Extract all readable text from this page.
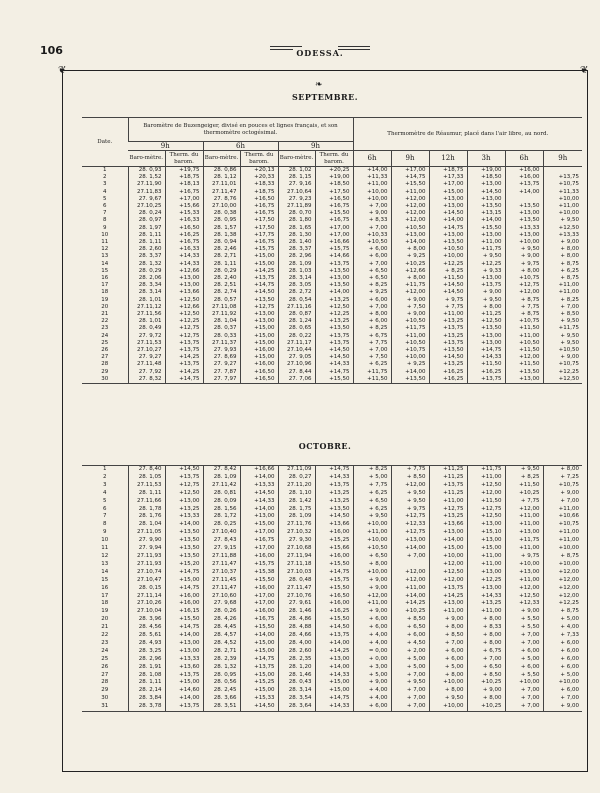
106	ODESSA.
❦	❦
❧
SEPTEMBRE.
Date.	Baromètre de Buzengeiger, divisé en pouces et lignes français, et son thermomètre octogésimal.						Thermomètre de Réaumur, placé dans l'air libre, au nord.					
	9h		6h		9h							
	Baro-mètre.	Therm. du barom.	Baro-mètre.	Therm. du barom.	Baro-mètre.	Therm. du barom.	6h	9h	12h	3h	6h	9h
1	28. 0,93	+19,75	28. 0,86	+20,13	28. 1,02	+20,25	+14,00	+17,00	+18,75	+19,00	+16,00	
2	28. 1,52	+18,75	28. 1,12	+20,33	28. 1,15	+19,00	+11,33	+14,75	+17,33	+18,50	+16,00	+13,75
3	27.11,90	+18,13	27.11,01	+18,33	27. 9,16	+18,50	+11,00	+15,50	+17,00	+13,00	+13,75	+10,75
4	27.11,83	+16,75	27.11,47	+18,75	27.10,64	+17,50	+10,00	+11,00	+15,00	+14,50	+14,00	+11,33
5	27. 9,67	+17,00	27. 8,76	+16,50	27. 9,23	+16,50	+10,00	+12,00	+13,00	+13,00		+10,00
6	27.10,25	+15,66	27.10,00	+16,75	27.11,89	+16,75	+ 7,00	+12,00	+13,00	+13,50	+13,50	+11,00
7	28. 0,24	+15,33	28. 0,38	+16,75	28. 0,70	+15,50	+ 9,00	+12,00	+14,50	+13,15	+13,00	+10,00
8	28. 0,97	+16,33	28. 0,95	+17,50	28. 1,80	+16,75	+ 8,33	+12,00	+14,00	+14,00	+13,50	+ 9,50
9	28. 1,97	+16,50	28. 1,57	+17,50	28. 1,65	+17,00	+ 7,00	+10,50	+14,75	+15,50	+13,33	+12,50
10	28. 1,11	+16,25	28. 1,38	+17,75	28. 1,30	+17,00	+10,33	+13,00	+13,00	+13,00	+13,00	+13,33
11	28. 1,11	+16,75	28. 0,94	+16,75	28. 1,40	+16,66	+10,50	+14,00	+13,50	+11,00	+10,00	+ 9,00
12	28. 2,60	+16,33	28. 2,46	+15,75	28. 3,37	+15,75	+ 6,00	+ 8,00	+10,50	+11,75	+ 9,50	+ 8,00
13	28. 3,37	+14,33	28. 2,71	+15,00	28. 2,96	+14,66	+ 6,00	+ 9,25	+10,00	+ 9,50	+ 9,00	+ 8,00
14	28. 1,32	+14,33	28. 1,11	+15,00	28. 1,09	+13,75	+ 7,00	+10,25	+12,25	+12,25	+ 9,75	+ 8,75
15	28. 0,29	+12,66	28. 0,29	+14,25	28. 1,03	+13,50	+ 6,50	+12,66	+ 8,25	+ 9,33	+ 8,00	+ 6,25
16	28. 2,06	+13,00	28. 2,40	+13,75	28. 3,14	+13,00	+ 6,50	+ 8,00	+11,50	+13,00	+10,75	+ 8,75
17	28. 3,34	+13,00	28. 2,51	+14,75	28. 3,05	+13,50	+ 8,25	+11,75	+14,50	+13,75	+12,75	+11,00
18	28. 3,14	+13,66	28. 2,74	+14,50	28. 2,72	+14,00	+ 9,25	+12,00	+14,50	+ 9,00	+12,00	+11,00
19	28. 1,01	+12,50	28. 0,57	+13,50	28. 0,54	+13,25	+ 6,00	+ 9,00	+ 9,75	+ 9,50	+ 8,75	+ 8,25
20	27.11,12	+12,66	27.11,08	+12,75	27.11,16	+12,50	+ 7,00	+ 7,50	+ 7,75	+ 8,00	+ 7,75	+ 7,00
21	27.11,56	+12,50	27.11,92	+13,00	28. 0,87	+12,25	+ 8,00	+ 9,00	+11,00	+11,25	+ 8,75	+ 8,50
22	28. 1,01	+12,25	28. 1,04	+13,00	28. 1,24	+13,25	+ 6,00	+10,50	+13,25	+12,50	+10,75	+ 9,50
23	28. 0,49	+12,75	28. 0,37	+15,00	28. 0,65	+13,50	+ 8,25	+11,75	+13,75	+13,50	+11,50	+11,75
24	27. 9,72	+12,75	28. 0,33	+15,00	28. 0,22	+13,75	+ 6,75	+11,00	+13,25	+13,00	+11,00	+ 9,50
25	27.11,53	+13,75	27.11,37	+15,00	27.11,17	+13,75	+ 7,75	+10,50	+13,75	+13,00	+10,50	+ 9,50
26	27.10,27	+13,75	27. 9,93	+16,00	27.10,44	+14,50	+ 7,00	+10,75	+13,50	+14,75	+11,50	+10,50
27	27. 9,27	+14,25	27. 8,69	+15,00	27. 9,05	+14,50	+ 7,50	+10,00	+14,50	+14,33	+12,00	+ 9,00
28	27.11,48	+13,75	27. 9,27	+16,00	27.10,96	+14,33	+ 6,25	+ 9,25	+13,25	+11,50	+11,50	+10,75
29	27. 7,92	+14,25	27. 7,87	+16,50	27. 8,44	+14,75	+11,75	+14,00	+16,25	+16,25	+13,50	+12,25
30	27. 8,32	+14,75	27. 7,97	+16,50	27. 7,06	+15,50	+11,50	+13,50	+16,25	+13,75	+13,00	+12,50
OCTOBRE.
1	27. 8,40	+14,50	27. 8,42	+16,66	27.11,09	+14,75	+ 8,25	+ 7,75	+11,25	+11,75	+ 9,50	+ 8,00
2	28. 1,05	+13,75	28. 1,09	+14,00	28. 0,27	+14,33	+ 5,00	+ 8,50	+11,25	+11,00	+ 8,25	+ 7,25
3	27.11,53	+12,75	27.11,42	+13,33	27.11,20	+13,75	+ 7,75	+12,00	+13,75	+12,50	+11,50	+10,75
4	28. 1,11	+12,50	28. 0,81	+14,50	28. 1,10	+13,25	+ 6,25	+ 9,50	+11,25	+12,00	+10,25	+ 9,00
5	27.11,66	+13,00	28. 0,09	+14,33	28. 1,42	+13,25	+ 6,50	+ 9,50	+11,00	+11,50	+ 7,75	+ 7,00
6	28. 1,78	+13,25	28. 1,56	+14,00	28. 1,75	+13,50	+ 6,25	+ 9,75	+12,75	+12,75	+12,00	+11,00
7	28. 1,76	+13,33	28. 1,72	+13,00	28. 1,09	+14,50	+ 9,50	+12,75	+13,25	+12,50	+11,00	+10,66
8	28. 1,04	+14,00	28. 0,25	+15,00	27.11,76	+13,66	+10,00	+12,33	+13,66	+13,00	+11,00	+10,75
9	27.11,05	+13,50	27.10,40	+17,00	27.10,32	+16,00	+11,00	+12,75	+13,00	+15,10	+13,00	+11,00
10	27. 9,90	+13,50	27. 8,43	+16,75	27. 9,30	+15,25	+10,00	+13,00	+14,00	+13,00	+11,75	+11,00
11	27. 9,94	+13,50	27. 9,15	+17,00	27.10,68	+15,66	+10,50	+14,00	+15,00	+15,00	+11,00	+10,00
12	27.11,93	+13,50	27.11,88	+16,00	27.11,94	+16,00	+ 6,50	+ 7,00	+10,00	+11,00	+ 9,75	+ 8,75
13	27.11,93	+15,20	27.11,47	+15,75	27.11,18	+15,50	+ 8,00		+12,00	+11,00	+10,00	+10,00
14	27.10,74	+14,75	27.10,37	+15,38	27.10,03	+14,75	+10,00	+12,00	+12,50	+13,00	+13,00	+12,00
15	27.10,47	+15,00	27.11,45	+15,50	28. 0,48	+15,75	+ 9,00	+12,00	+12,00	+12,25	+11,00	+12,00
16	28. 0,15	+14,75	27.11,47	+16,00	27.11,47	+15,50	+ 9,00	+11,00	+13,75	+13,00	+12,00	+12,00
17	27.11,14	+16,00	27.10,60	+17,00	27.10,76	+16,50	+12,00	+14,00	+14,25	+14,33	+12,50	+12,00
18	27.10,26	+16,00	27. 9,68	+17,00	27. 9,61	+16,00	+11,00	+14,25	+13,00	+13,25	+12,33	+12,25
19	27.10,04	+16,15	28. 0,26	+16,00	28. 1,46	+16,25	+ 9,00	+10,25	+11,00	+11,00	+ 9,00	+ 8,75
20	28. 3,96	+15,50	28. 4,26	+16,75	28. 4,86	+15,50	+ 6,00	+ 8,50	+ 9,00	+ 8,00	+ 5,50	+ 5,00
21	28. 4,56	+14,75	28. 4,45	+15,50	28. 4,88	+14,50	+ 6,00	+ 6,50	+ 8,00	+ 8,33	+ 5,50	+ 4,00
22	28. 5,61	+14,00	28. 4,57	+14,00	28. 4,66	+13,75	+ 4,00	+ 6,00	+ 8,50	+ 8,00	+ 7,00	+ 7,33
23	28. 4,93	+13,00	28. 4,52	+15,00	28. 4,00	+14,00	+ 4,00	+ 4,50	+ 7,00	+ 8,00	+ 7,00	+ 6,00
24	28. 3,25	+13,00	28. 2,71	+15,00	28. 2,60	+14,25	= 0,00	+ 2,00	+ 6,00	+ 6,75	+ 6,00	+ 6,00
25	28. 2,96	+13,33	28. 2,39	+14,75	28. 2,35	+13,00	+ 0,00	+ 5,00	+ 6,00	+ 7,00	+ 5,00	+ 6,00
26	28. 1,91	+13,60	28. 1,32	+13,75	28. 1,20	+14,00	+ 3,00	+ 5,00	+ 5,00	+ 6,50	+ 6,00	+ 6,00
27	28. 1,08	+13,75	28. 0,95	+15,00	28. 1,46	+14,33	+ 5,00	+ 7,00	+ 8,00	+ 8,50	+ 5,50	+ 5,00
28	28. 1,11	+15,00	28. 0,56	+15,25	28. 0,43	+15,00	+ 9,00	+ 9,50	+10,00	+10,25	+10,00	+10,00
29	28. 2,14	+14,60	28. 2,45	+15,00	28. 3,14	+15,00	+ 4,00	+ 7,00	+ 8,00	+ 9,00	+ 7,00	+ 6,00
30	28. 3,84	+14,00	28. 3,66	+15,33	28. 3,54	+14,75	+ 4,00	+ 7,00	+ 9,50	+ 8,00	+ 7,00	+ 7,00
31	28. 3,78	+13,75	28. 3,51	+14,50	28. 3,64	+14,33	+ 6,00	+ 7,00	+10,00	+10,25	+ 7,00	+ 9,00
